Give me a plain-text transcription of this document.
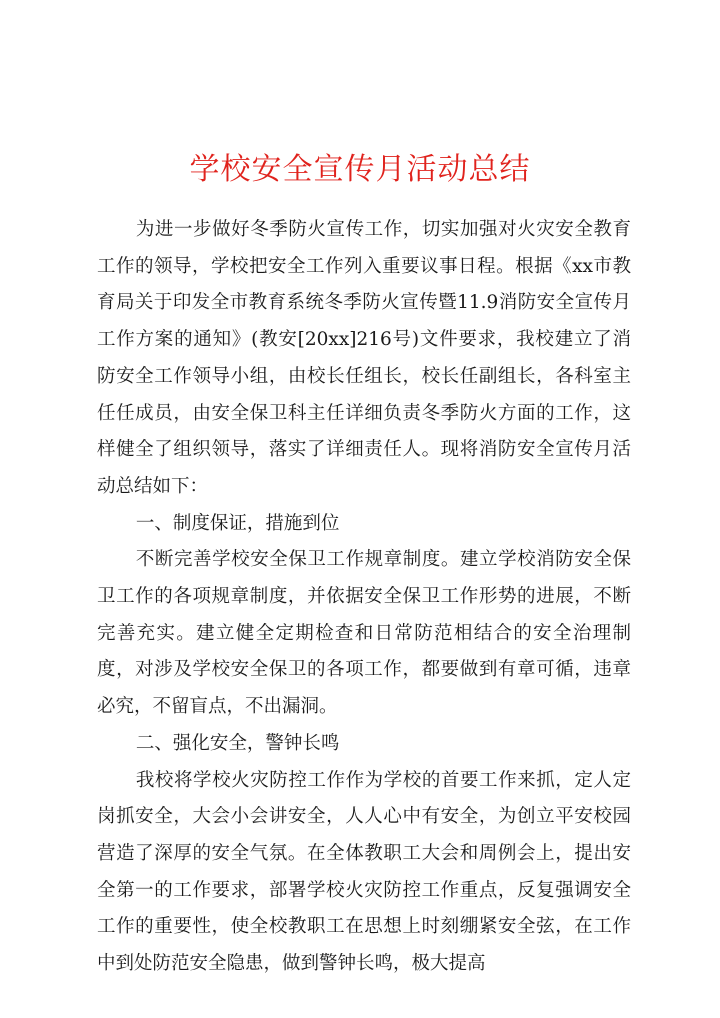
学校安全宣传月活动总结

为进一步做好冬季防火宣传工作，切实加强对火灾安全教育工作的领导，学校把安全工作列入重要议事日程。根据《xx市教育局关于印发全市教育系统冬季防火宣传暨11.9消防安全宣传月工作方案的通知》(教安[20xx]216号)文件要求，我校建立了消防安全工作领导小组，由校长任组长，校长任副组长，各科室主任任成员，由安全保卫科主任详细负责冬季防火方面的工作，这样健全了组织领导，落实了详细责任人。现将消防安全宣传月活动总结如下：

一、制度保证，措施到位

不断完善学校安全保卫工作规章制度。建立学校消防安全保卫工作的各项规章制度，并依据安全保卫工作形势的进展，不断完善充实。建立健全定期检查和日常防范相结合的安全治理制度，对涉及学校安全保卫的各项工作，都要做到有章可循，违章必究，不留盲点，不出漏洞。

二、强化安全，警钟长鸣

我校将学校火灾防控工作作为学校的首要工作来抓，定人定岗抓安全，大会小会讲安全，人人心中有安全，为创立平安校园营造了深厚的安全气氛。在全体教职工大会和周例会上，提出安全第一的工作要求，部署学校火灾防控工作重点，反复强调安全工作的重要性，使全校教职工在思想上时刻绷紧安全弦，在工作中到处防范安全隐患，做到警钟长鸣，极大提高
